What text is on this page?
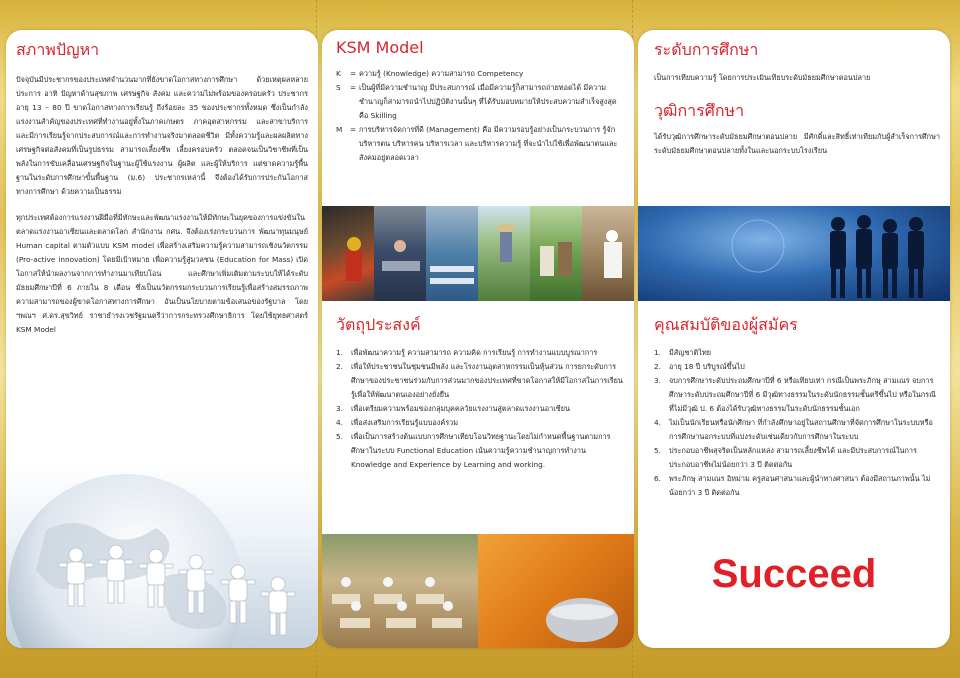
สภาพปัญหา

ปัจจุบันมีประชากรของประเทศจำนวนมากที่ยังขาดโอกาสทางการศึกษา ด้วยเหตุผลหลายประการ อาทิ ปัญหาด้านสุขภาพ เศรษฐกิจ สังคม และความไม่พร้อมของครอบครัว ประชากรอายุ 13 – 80 ปี ขาดโอกาสทางการเรียนรู้ ถึงร้อยละ 35 ของประชากรทั้งหมด ซึ่งเป็นกำลังแรงงานสำคัญของประเทศที่ทำงานอยู่ทั้งในภาคเกษตร ภาคอุตสาหกรรม และสาขาบริการ และมีการเรียนรู้จากประสบการณ์และการทำงานจริงมาตลอดชีวิต มีทั้งความรู้และผลผลิตทางเศรษฐกิจต่อสังคมที่เป็นรูปธรรม สามารถเลี้ยงชีพ เลี้ยงครอบครัว ตลอดจนเป็นวิชาชีพที่เป็นพลังในการขับเคลื่อนเศรษฐกิจในฐานะผู้ใช้แรงงาน ผู้ผลิต และผู้ให้บริการ แต่ขาดความรู้พื้นฐานในระดับการศึกษาขั้นพื้นฐาน (ม.6) ประชากรเหล่านี้ จึงต้องได้รับการประกันโอกาสทางการศึกษา ด้วยความเป็นธรรม

ทุกประเทศต้องการแรงงานฝีมือที่มีทักษะและพัฒนาแรงงานให้มีทักษะในยุคของการแข่งขันในตลาดแรงงานอาเซียนและตลาดโลก สำนักงาน กศน. จึงต้องเร่งกระบวนการ พัฒนาทุนมนุษย์ Human capital ตามตัวแบบ KSM model เพื่อสร้างเสริมความรู้ความสามารถเชิงนวัตกรรม (Pro-active innovation) โดยมีเป้าหมาย เพื่อความรู้สู่มวลชน (Education for Mass) เปิดโอกาสให้นำผลงานจากการทำงานมาเทียบโอน และศึกษาเพิ่มเติมตามระบบให้ได้ระดับมัธยมศึกษาปีที่ 6 ภายใน 8 เดือน ซึ่งเป็นนวัตกรรมกระบวนการเรียนรู้เพื่อสร้างสมรรถภาพความสามารถของผู้ขาดโอกาสทางการศึกษา อันเป็นนโยบายตามข้อเสนอของรัฐบาล โดย ฯพณฯ ศ.ดร.สุขวิทย์ ราชาธำรงเวชรัฐมนตรีว่าการกระทรวงศึกษาธิการ โดยใช้ยุทธศาสตร์ KSM Model

KSM Model
K	= ความรู้ (Knowledge) ความสามารถ Competency
S	= เป็นผู้ที่มีความชำนาญ มีประสบการณ์ เมื่อมีความรู้ก็สามารถถ่ายทอดได้ มีความชำนาญก็สามารถนำไปปฏิบัติงานนั้นๆ ที่ได้รับมอบหมายให้ประสบความสำเร็จสูงสุด คือ Skilling
M	= การบริหารจัดการที่ดี (Management) คือ มีความรอบรู้อย่างเป็นกระบวนการ รู้จัก บริหารตน บริหารคน บริหารเวลา และบริหารความรู้ ที่จะนำไปใช้เพื่อพัฒนาตนและสังคมอยู่ตลอดเวลา
วัตถุประสงค์
1.	เพื่อพัฒนาความรู้ ความสามารถ ความคิด การเรียนรู้ การทำงานแบบบูรณาการ
2.	เพื่อให้ประชาชนในชุมชนมีพลัง และโรงงานอุตสาหกรรมเป็นหุ้นส่วน การยกระดับการศึกษาของประชาชนร่วมกับการส่วนมากของประเทศที่ขาดโอกาสให้มีโอกาสในการเรียนรู้เพื่อให้พัฒนาตนเองอย่างยั่งยืน
3.	เพื่อเตรียมความพร้อมของกลุ่มบุคคลวัยแรงงานสู่ตลาดแรงงานอาเซียน
4.	เพื่อส่งเสริมการเรียนรู้แบบองค์รวม
5.	เพื่อเป็นการสร้างต้นแบบการศึกษาเทียบโอนวิทยฐานะโดยไม่กำหนดพื้นฐานตามการศึกษาในระบบ Functional Education เน้นความรู้ความชำนาญการทำงาน Knowledge and Experience by Learning and working.
ระดับการศึกษา

เป็นการเทียบความรู้ โดยการประเมินเทียบระดับมัธยมศึกษาตอนปลาย

วุฒิการศึกษา

ได้รับวุฒิการศึกษาระดับมัธยมศึกษาตอนปลาย มีศักดิ์และสิทธิ์เท่าเทียมกับผู้สำเร็จการศึกษาระดับมัธยมศึกษาตอนปลายทั้งในและนอกระบบโรงเรียน

คุณสมบัติของผู้สมัคร
1.	มีสัญชาติไทย
2.	อายุ 18 ปี บริบูรณ์ขึ้นไป
3.	จบการศึกษาระดับประถมศึกษาปีที่ 6 หรือเทียบเท่า กรณีเป็นพระภิกษุ สามเณร จบการศึกษาระดับประถมศึกษาปีที่ 6 มีวุฒิทางธรรมในระดับนักธรรมชั้นตรีขึ้นไป หรือในกรณีที่ไม่มีวุฒิ ป. 6 ต้องได้รับวุฒิทางธรรมในระดับนักธรรมชั้นเอก
4.	ไม่เป็นนักเรียนหรือนักศึกษา ที่กำลังศึกษาอยู่ในสถานศึกษาที่จัดการศึกษาในระบบหรือการศึกษานอกระบบที่แบ่งระดับเช่นเดียวกับการศึกษาในระบบ
5.	ประกอบอาชีพสุจริตเป็นหลักแหล่ง สามารถเลี้ยงชีพได้ และมีประสบการณ์ในการประกอบอาชีพไม่น้อยกว่า 3 ปี ติดต่อกัน
6.	พระภิกษุ สามเณร อิหม่าม ครูสอนศาสนาและผู้นำทางศาสนา ต้องมีสถานภาพนั้น ไม่น้อยกว่า 3 ปี ติดต่อกัน
Succeed
